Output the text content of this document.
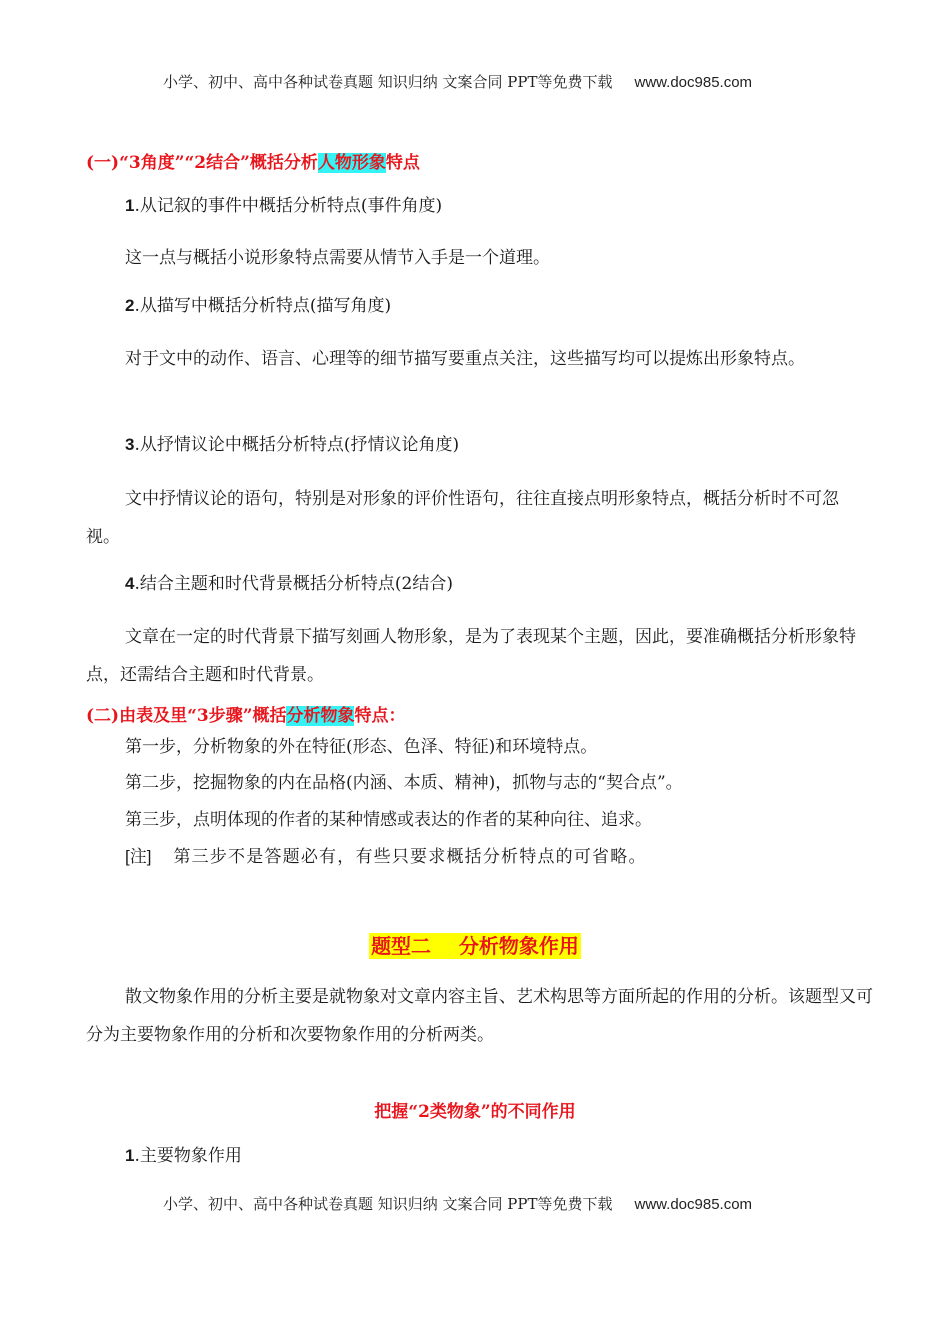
小学、初中、高中各种试卷真题 知识归纳 文案合同 PPT等免费下载 www.doc985.com
(一)“3角度”“2结合”概括分析人物形象特点
1.从记叙的事件中概括分析特点(事件角度)
这一点与概括小说形象特点需要从情节入手是一个道理。
2.从描写中概括分析特点(描写角度)
对于文中的动作、语言、心理等的细节描写要重点关注，这些描写均可以提炼出形象特点。
3.从抒情议论中概括分析特点(抒情议论角度)
文中抒情议论的语句，特别是对形象的评价性语句，往往直接点明形象特点，概括分析时不可忽视。
4.结合主题和时代背景概括分析特点(2结合)
文章在一定的时代背景下描写刻画人物形象，是为了表现某个主题，因此，要准确概括分析形象特点，还需结合主题和时代背景。
(二)由表及里“3步骤”概括分析物象特点：
第一步，分析物象的外在特征(形态、色泽、特征)和环境特点。
第二步，挖掘物象的内在品格(内涵、本质、精神)，抓物与志的“契合点”。
第三步，点明体现的作者的某种情感或表达的作者的某种向往、追求。
[注] 第三步不是答题必有，有些只要求概括分析特点的可省略。
题型二    分析物象作用
散文物象作用的分析主要是就物象对文章内容主旨、艺术构思等方面所起的作用的分析。该题型又可分为主要物象作用的分析和次要物象作用的分析两类。
把握“2类物象”的不同作用
1.主要物象作用
小学、初中、高中各种试卷真题 知识归纳 文案合同 PPT等免费下载 www.doc985.com
